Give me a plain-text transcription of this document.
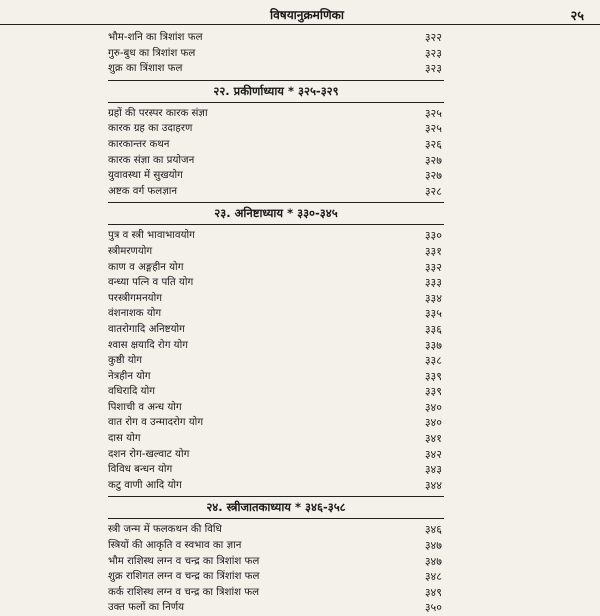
विषयानुक्रमणिका	२५
भौम-शनि का त्रिशांश फल	३२२
गुरु-बुध का त्रिशांश फल	३२३
शुक्र का त्रिंशाश फल	३२३
२२. प्रकीर्णाध्याय * ३२५-३२९
ग्रहों की परस्पर कारक संज्ञा	३२५
कारक ग्रह का उदाहरण	३२५
कारकान्तर कथन	३२६
कारक संज्ञा का प्रयोजन	३२७
युवावस्था में सुखयोग	३२७
अष्टक वर्ग फलज्ञान	३२८
२३. अनिष्टाध्याय * ३३०-३४५
पुत्र व स्त्री भावाभावयोग	३३०
स्त्रीमरणयोग	३३१
काण व अङ्गहीन योग	३३२
वन्ध्या पत्नि व पति योग	३३३
परस्त्रीगमनयोग	३३४
वंशनाशक योग	३३५
वातरोगादि अनिष्टयोग	३३६
श्वास क्षयादि रोग योग	३३७
कुष्ठी योग	३३८
नेत्रहीन योग	३३९
वधिरादि योग	३३९
पिशाची व अन्ध योग	३४०
वात रोग व उन्मादरोग योग	३४०
दास योग	३४१
दशन रोग-खल्वाट योग	३४२
विविध बन्धन योग	३४३
कटु वाणी आदि योग	३४४
२४. स्त्रीजातकाध्याय * ३४६-३५८
स्त्री जन्म में फलकथन की विधि	३४६
स्त्रियों की आकृति व स्वभाव का ज्ञान	३४७
भौम राशिस्थ लग्न व चन्द्र का त्रिशांश फल	३४७
शुक्र राशिगत लग्न व चन्द्र का त्रिंशांश फल	३४८
कर्क राशिस्थ लग्न व चन्द्र का त्रिशांश फल	३४९
उक्त फलों का निर्णय	३५०
